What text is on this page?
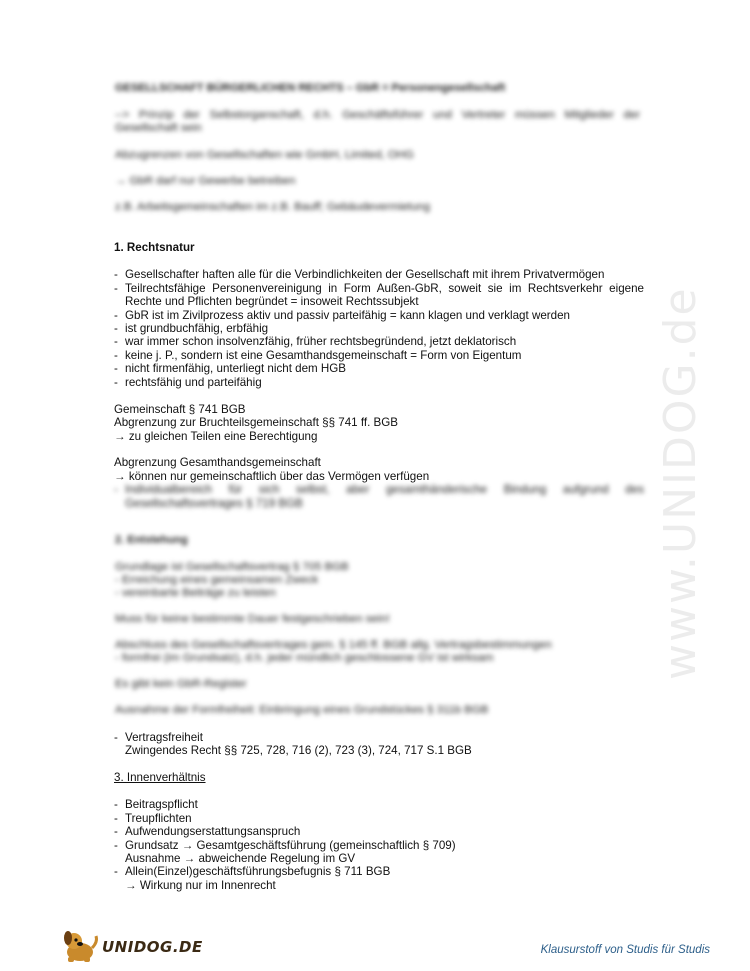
www.UNIDOG.de
GESELLSCHAFT BÜRGERLICHEN RECHTS – GbR = Personengesellschaft
--> Prinzip der Selbstorganschaft, d.h. Geschäftsführer und Vertreter müssen Mitglieder der Gesellschaft sein
Abzugrenzen von Gesellschaften wie GmbH, Limited, OHG
→ GbR darf nur Gewerbe betreiben
z.B. Arbeitsgemeinschaften im z.B. Bauff; Gebäudevermietung
1. Rechtsnatur
- Gesellschafter haften alle für die Verbindlichkeiten der Gesellschaft mit ihrem Privatvermögen
- Teilrechtsfähige Personenvereinigung in Form Außen-GbR, soweit sie im Rechtsverkehr eigene Rechte und Pflichten begründet = insoweit Rechtssubjekt
- GbR ist im Zivilprozess aktiv und passiv parteifähig = kann klagen und verklagt werden
- ist grundbuchfähig, erbfähig
- war immer schon insolvenzfähig, früher rechtsbegründend, jetzt deklatorisch
- keine j. P., sondern ist eine Gesamthandsgemeinschaft = Form von Eigentum
- nicht firmenfähig, unterliegt nicht dem HGB
- rechtsfähig und parteifähig
Gemeinschaft § 741 BGB
Abgrenzung zur Bruchteilsgemeinschaft §§ 741 ff. BGB
→ zu gleichen Teilen eine Berechtigung
Abgrenzung Gesamthandsgemeinschaft
→ können nur gemeinschaftlich über das Vermögen verfügen
- Individualbereich für sich selbst, aber gesamthänderische Bindung aufgrund des Gesellschaftsvertrages § 719 BGB
2. Entstehung
Grundlage ist Gesellschaftsvertrag § 705 BGB
- Erreichung eines gemeinsamen Zweck
- vereinbarte Beiträge zu leisten
Muss für keine bestimmte Dauer festgeschrieben sein!
Abschluss des Gesellschaftsvertrages gem. § 145 ff. BGB allg. Vertragsbestimmungen
- formfrei (im Grundsatz), d.h. jeder mündlich geschlossene GV ist wirksam
Es gibt kein GbR-Register
Ausnahme der Formfreiheit: Einbringung eines Grundstückes § 311b BGB
- Vertragsfreiheit
Zwingendes Recht §§ 725, 728, 716 (2), 723 (3), 724, 717 S.1 BGB
3. Innenverhältnis
- Beitragspflicht
- Treupflichten
- Aufwendungserstattungsanspruch
- Grundsatz → Gesamtgeschäftsführung (gemeinschaftlich § 709)
Ausnahme → abweichende Regelung im GV
- Allein(Einzel)geschäftsführungsbefugnis § 711 BGB
→ Wirkung nur im Innenrecht
UNIDOG.DE	Klausurstoff von Studis für Studis
